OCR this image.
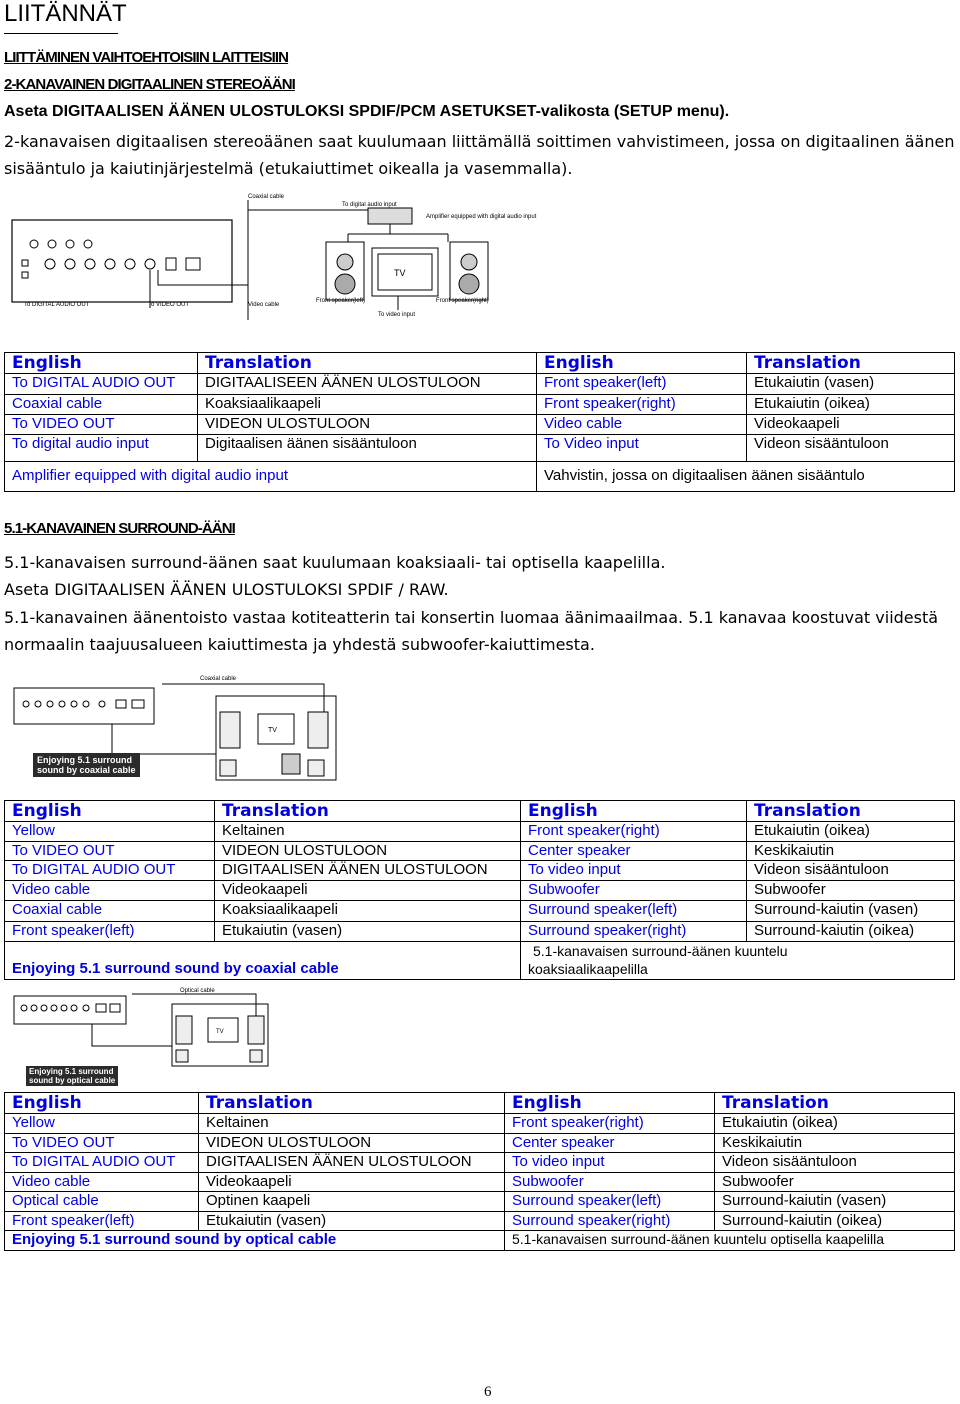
LIITÄNNÄT
LIITTÄMINEN VAIHTOEHTOISIIN LAITTEISIIN
2-KANAVAINEN DIGITAALINEN STEREOÄÄNI
Aseta DIGITAALISEN ÄÄNEN ULOSTULOKSI SPDIF/PCM ASETUKSET-valikosta (SETUP menu).
2-kanavaisen digitaalisen stereoäänen saat kuulumaan liittämällä soittimen vahvistimeen, jossa on digitaalinen äänen sisääntulo ja kaiutinjärjestelmä (etukaiuttimet oikealla ja vasemmalla).
TV
Coaxial cable
To digital audio input
Amplifier equipped with digital audio input
To DIGITAL AUDIO OUT	To VIDEO OUT	Video cable
Front speaker(left)	Front speaker(right)
To video input
English	Translation	English	Translation
To DIGITAL AUDIO OUT	DIGITAALISEEN ÄÄNEN ULOSTULOON	Front speaker(left)	Etukaiutin (vasen)
Coaxial cable	Koaksiaalikaapeli	Front speaker(right)	Etukaiutin (oikea)
To VIDEO OUT	VIDEON ULOSTULOON	Video cable	Videokaapeli
To digital audio input	Digitaalisen äänen sisääntuloon	To Video input	Videon sisääntuloon
Amplifier equipped with digital audio input		Vahvistin, jossa on digitaalisen äänen sisääntulo	
5.1-KANAVAINEN SURROUND-ÄÄNI
5.1-kanavaisen surround-äänen saat kuulumaan koaksiaali- tai optisella kaapelilla.
Aseta DIGITAALISEN ÄÄNEN ULOSTULOKSI SPDIF / RAW.
5.1-kanavainen äänentoisto vastaa kotiteatterin tai konsertin luomaa äänimaailmaa. 5.1 kanavaa koostuvat viidestä normaalin taajuusalueen kaiuttimesta ja yhdestä subwoofer-kaiuttimesta.
Coaxial cable
TV
Enjoying 5.1 surround
sound by coaxial cable
English	Translation	English	Translation
Yellow	Keltainen	Front speaker(right)	Etukaiutin (oikea)
To VIDEO OUT	VIDEON ULOSTULOON	Center speaker	Keskikaiutin
To DIGITAL AUDIO OUT	DIGITAALISEN ÄÄNEN ULOSTULOON	To video input	Videon sisääntuloon
Video cable	Videokaapeli	Subwoofer	Subwoofer
Coaxial cable	Koaksiaalikaapeli	Surround speaker(left)	Surround-kaiutin (vasen)
Front speaker(left)	Etukaiutin (vasen)	Surround speaker(right)	Surround-kaiutin (oikea)
Enjoying 5.1 surround sound by coaxial cable		5.1-kanavaisen surround-äänen kuuntelu
koaksiaalikaapelilla	
Optical cable
TV
Enjoying 5.1 surround
sound by optical cable
English	Translation	English	Translation
Yellow	Keltainen	Front speaker(right)	Etukaiutin (oikea)
To VIDEO OUT	VIDEON ULOSTULOON	Center speaker	Keskikaiutin
To DIGITAL AUDIO OUT	DIGITAALISEN ÄÄNEN ULOSTULOON	To video input	Videon sisääntuloon
Video cable	Videokaapeli	Subwoofer	Subwoofer
Optical cable	Optinen kaapeli	Surround speaker(left)	Surround-kaiutin (vasen)
Front speaker(left)	Etukaiutin (vasen)	Surround speaker(right)	Surround-kaiutin (oikea)
Enjoying 5.1 surround sound by optical cable		5.1-kanavaisen surround-äänen kuuntelu optisella kaapelilla	
6
